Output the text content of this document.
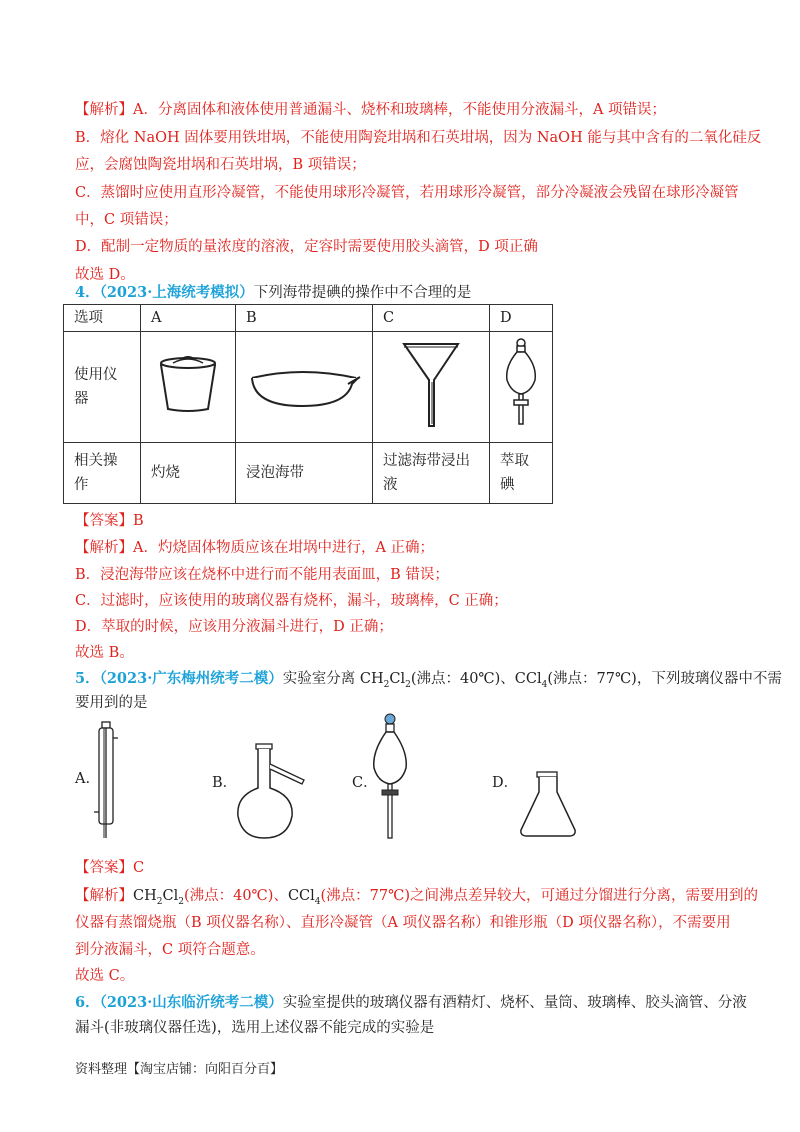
【解析】A．分离固体和液体使用普通漏斗、烧杯和玻璃棒，不能使用分液漏斗，A 项错误；
B．熔化 NaOH 固体要用铁坩埚，不能使用陶瓷坩埚和石英坩埚，因为 NaOH 能与其中含有的二氧化硅反
应，会腐蚀陶瓷坩埚和石英坩埚，B 项错误；
C．蒸馏时应使用直形冷凝管，不能使用球形冷凝管，若用球形冷凝管，部分冷凝液会残留在球形冷凝管
中，C 项错误；
D．配制一定物质的量浓度的溶液，定容时需要使用胶头滴管，D 项正确
故选 D。
4．（2023·上海统考模拟）下列海带提碘的操作中不合理的是
选项	A	B	C	D
使用仪
器				
相关操
作	灼烧	浸泡海带	过滤海带浸出液	萃取碘
【答案】B
【解析】A．灼烧固体物质应该在坩埚中进行，A 正确；
B．浸泡海带应该在烧杯中进行而不能用表面皿，B 错误；
C．过滤时，应该使用的玻璃仪器有烧杯，漏斗，玻璃棒，C 正确；
D．萃取的时候，应该用分液漏斗进行，D 正确；
故选 B。
5．（2023·广东梅州统考二模）实验室分离 $CH_2Cl_2$(沸点：40℃)、CCl$_4$(沸点：77℃)，下列玻璃仪器中不需
要用到的是
A.	B．	C．	D．
【答案】C
【解析】$CH_2Cl_2$(沸点：40℃)、CCl$_4$(沸点：77℃)之间沸点差异较大，可通过分馏进行分离，需要用到的
仪器有蒸馏烧瓶（B 项仪器名称）、直形冷凝管（A 项仪器名称）和锥形瓶（D 项仪器名称），不需要用
到分液漏斗，C 项符合题意。
故选 C。
6．（2023·山东临沂统考二模）实验室提供的玻璃仪器有酒精灯、烧杯、量筒、玻璃棒、胶头滴管、分液
漏斗(非玻璃仪器任选)，选用上述仪器不能完成的实验是
资料整理【淘宝店铺：向阳百分百】
